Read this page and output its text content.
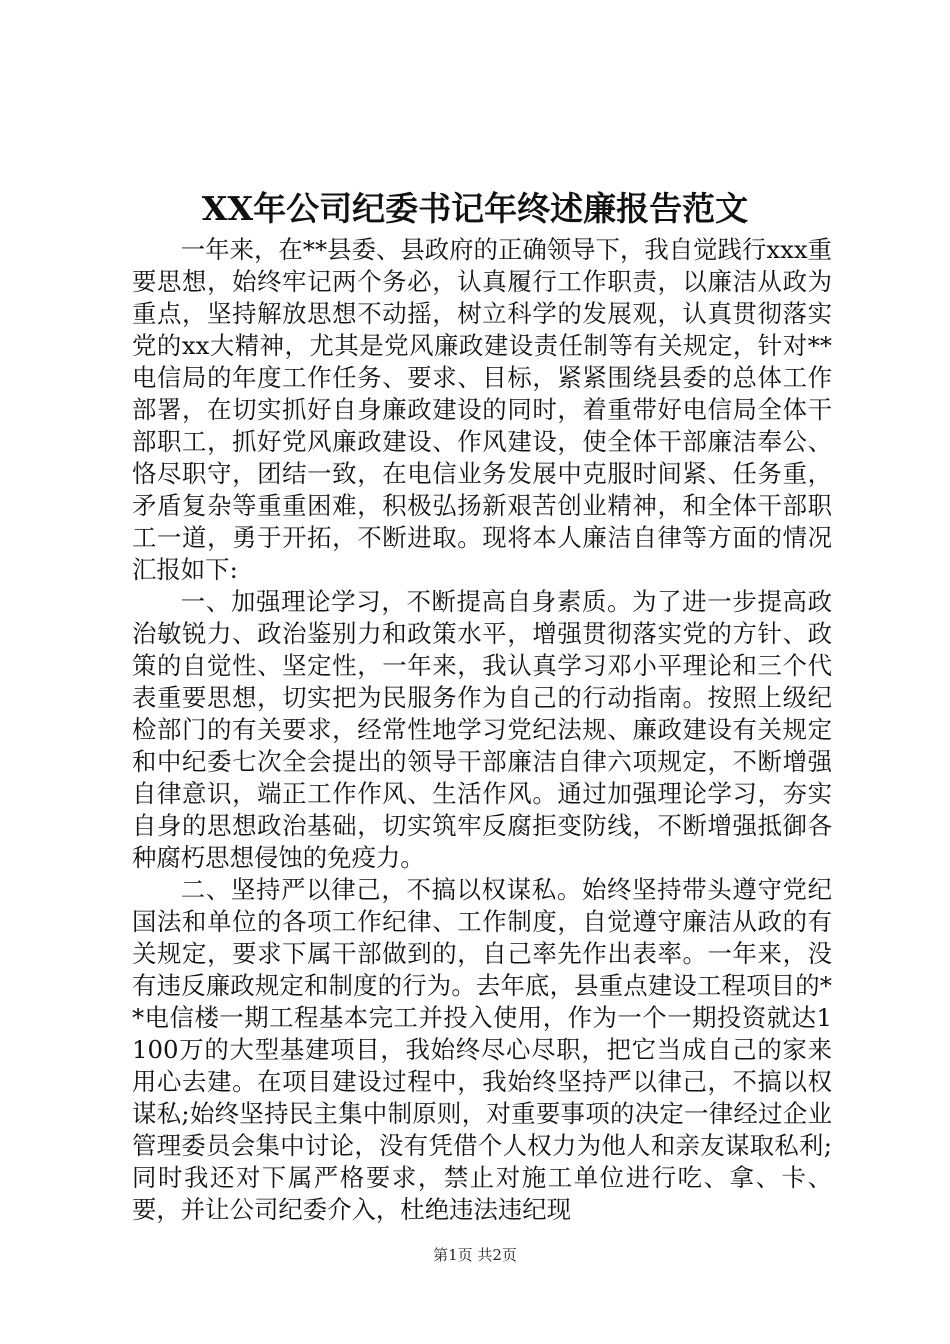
XX年公司纪委书记年终述廉报告范文

一年来，在**县委、县政府的正确领导下，我自觉践行xxx重要思想，始终牢记两个务必，认真履行工作职责，以廉洁从政为重点，坚持解放思想不动摇，树立科学的发展观，认真贯彻落实党的xx大精神，尤其是党风廉政建设责任制等有关规定，针对**电信局的年度工作任务、要求、目标，紧紧围绕县委的总体工作部署，在切实抓好自身廉政建设的同时，着重带好电信局全体干部职工，抓好党风廉政建设、作风建设，使全体干部廉洁奉公、恪尽职守，团结一致，在电信业务发展中克服时间紧、任务重，矛盾复杂等重重困难，积极弘扬新艰苦创业精神，和全体干部职工一道，勇于开拓，不断进取。现将本人廉洁自律等方面的情况汇报如下:

一、加强理论学习，不断提高自身素质。为了进一步提高政治敏锐力、政治鉴别力和政策水平，增强贯彻落实党的方针、政策的自觉性、坚定性，一年来，我认真学习邓小平理论和三个代表重要思想，切实把为民服务作为自己的行动指南。按照上级纪检部门的有关要求，经常性地学习党纪法规、廉政建设有关规定和中纪委七次全会提出的领导干部廉洁自律六项规定，不断增强自律意识，端正工作作风、生活作风。通过加强理论学习，夯实自身的思想政治基础，切实筑牢反腐拒变防线，不断增强抵御各种腐朽思想侵蚀的免疫力。

二、坚持严以律己，不搞以权谋私。始终坚持带头遵守党纪国法和单位的各项工作纪律、工作制度，自觉遵守廉洁从政的有关规定，要求下属干部做到的，自己率先作出表率。一年来，没有违反廉政规定和制度的行为。去年底，县重点建设工程项目的**电信楼一期工程基本完工并投入使用，作为一个一期投资就达1100万的大型基建项目，我始终尽心尽职，把它当成自己的家来用心去建。在项目建设过程中，我始终坚持严以律己，不搞以权谋私;始终坚持民主集中制原则，对重要事项的决定一律经过企业管理委员会集中讨论，没有凭借个人权力为他人和亲友谋取私利;同时我还对下属严格要求，禁止对施工单位进行吃、拿、卡、要，并让公司纪委介入，杜绝违法违纪现

第1页 共2页
